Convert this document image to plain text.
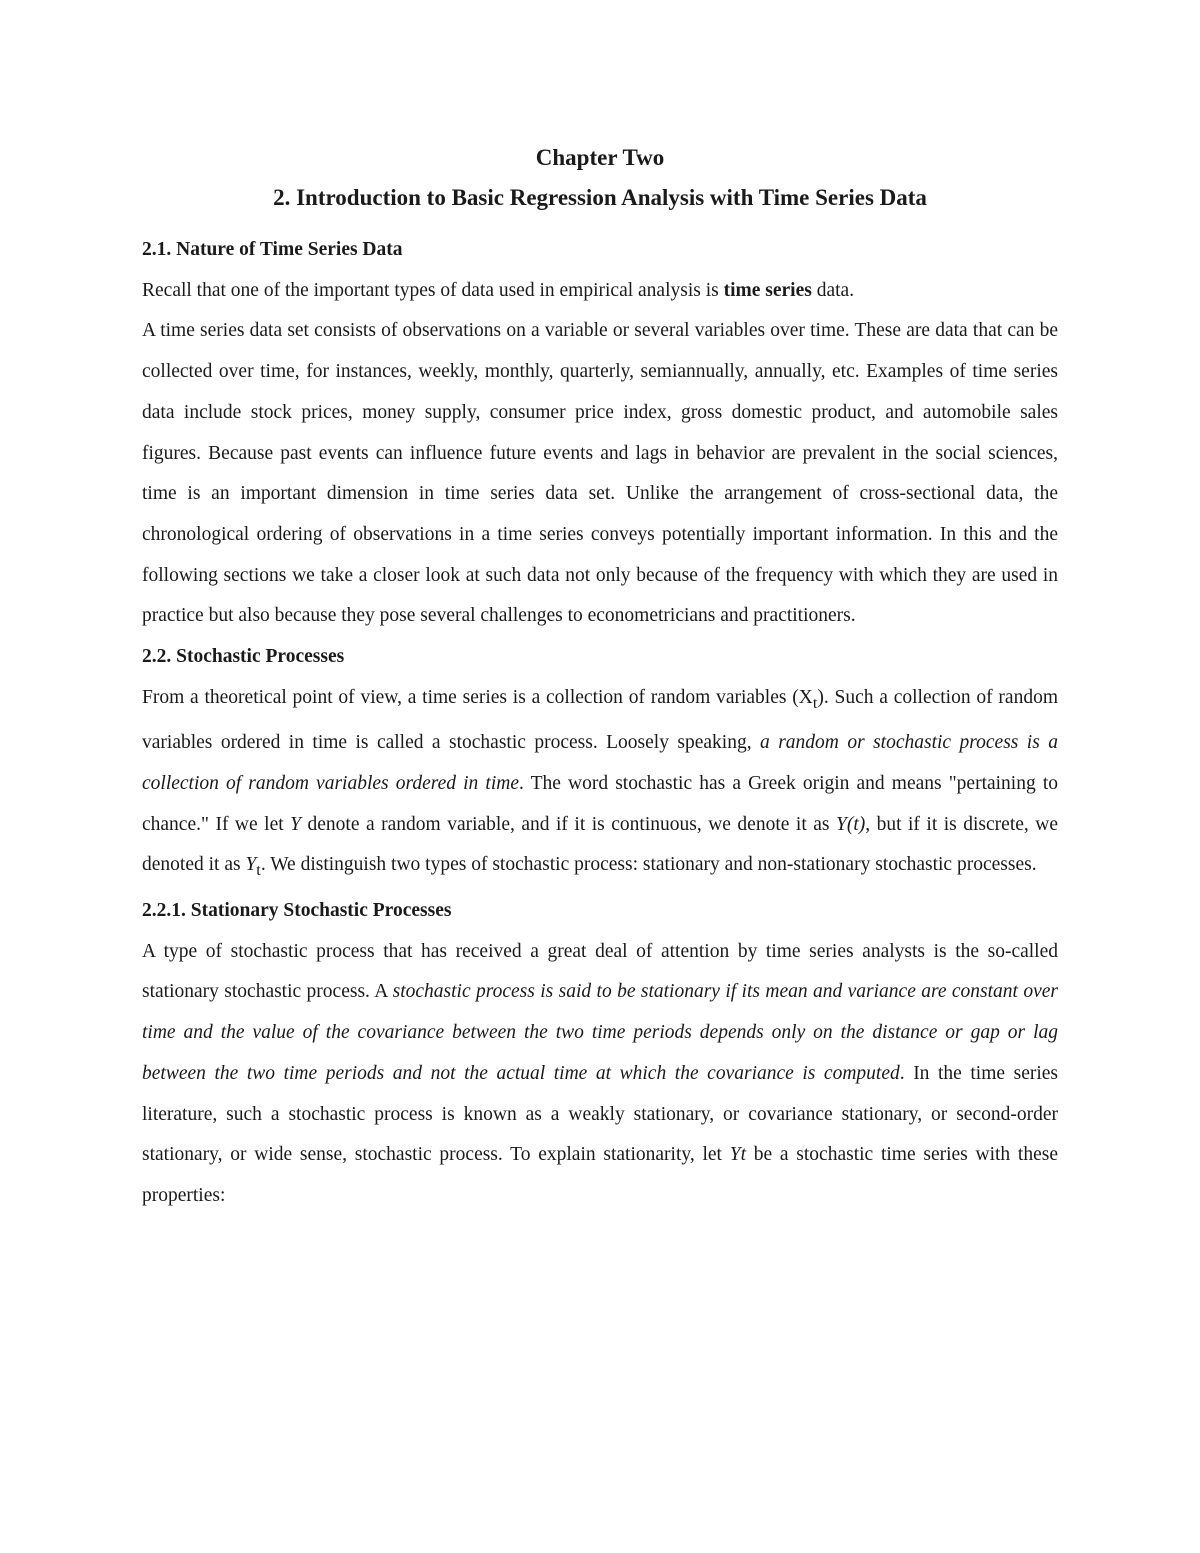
Chapter Two

2. Introduction to Basic Regression Analysis with Time Series Data

2.1. Nature of Time Series Data

Recall that one of the important types of data used in empirical analysis is time series data.

A time series data set consists of observations on a variable or several variables over time. These are data that can be collected over time, for instances, weekly, monthly, quarterly, semiannually, annually, etc. Examples of time series data include stock prices, money supply, consumer price index, gross domestic product, and automobile sales figures. Because past events can influence future events and lags in behavior are prevalent in the social sciences, time is an important dimension in time series data set. Unlike the arrangement of cross-sectional data, the chronological ordering of observations in a time series conveys potentially important information. In this and the following sections we take a closer look at such data not only because of the frequency with which they are used in practice but also because they pose several challenges to econometricians and practitioners.

2.2. Stochastic Processes

From a theoretical point of view, a time series is a collection of random variables $(X_t)$. Such a collection of random variables ordered in time is called a stochastic process. Loosely speaking, a random or stochastic process is a collection of random variables ordered in time. The word stochastic has a Greek origin and means "pertaining to chance." If we let Y denote a random variable, and if it is continuous, we denote it as Y(t), but if it is discrete, we denoted it as $Y_t$. We distinguish two types of stochastic process: stationary and non-stationary stochastic processes.

2.2.1. Stationary Stochastic Processes

A type of stochastic process that has received a great deal of attention by time series analysts is the so-called stationary stochastic process. A stochastic process is said to be stationary if its mean and variance are constant over time and the value of the covariance between the two time periods depends only on the distance or gap or lag between the two time periods and not the actual time at which the covariance is computed. In the time series literature, such a stochastic process is known as a weakly stationary, or covariance stationary, or second-order stationary, or wide sense, stochastic process. To explain stationarity, let Yt be a stochastic time series with these properties:
